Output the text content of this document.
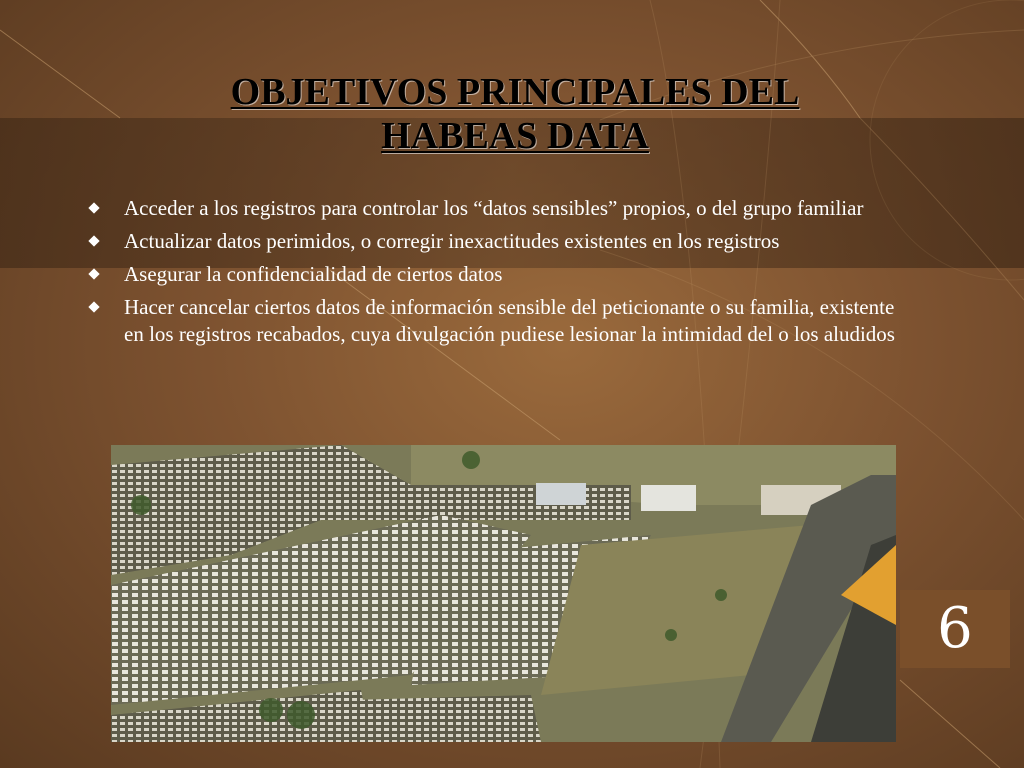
OBJETIVOS PRINCIPALES DEL
HABEAS DATA
Acceder a los registros para controlar los “datos sensibles” propios, o del grupo familiar
Actualizar datos perimidos, o corregir inexactitudes existentes en los registros
Asegurar la confidencialidad de ciertos datos
Hacer cancelar ciertos datos de información sensible del peticionante o su familia, existente en los registros recabados, cuya divulgación pudiese lesionar la intimidad del o los aludidos
6
